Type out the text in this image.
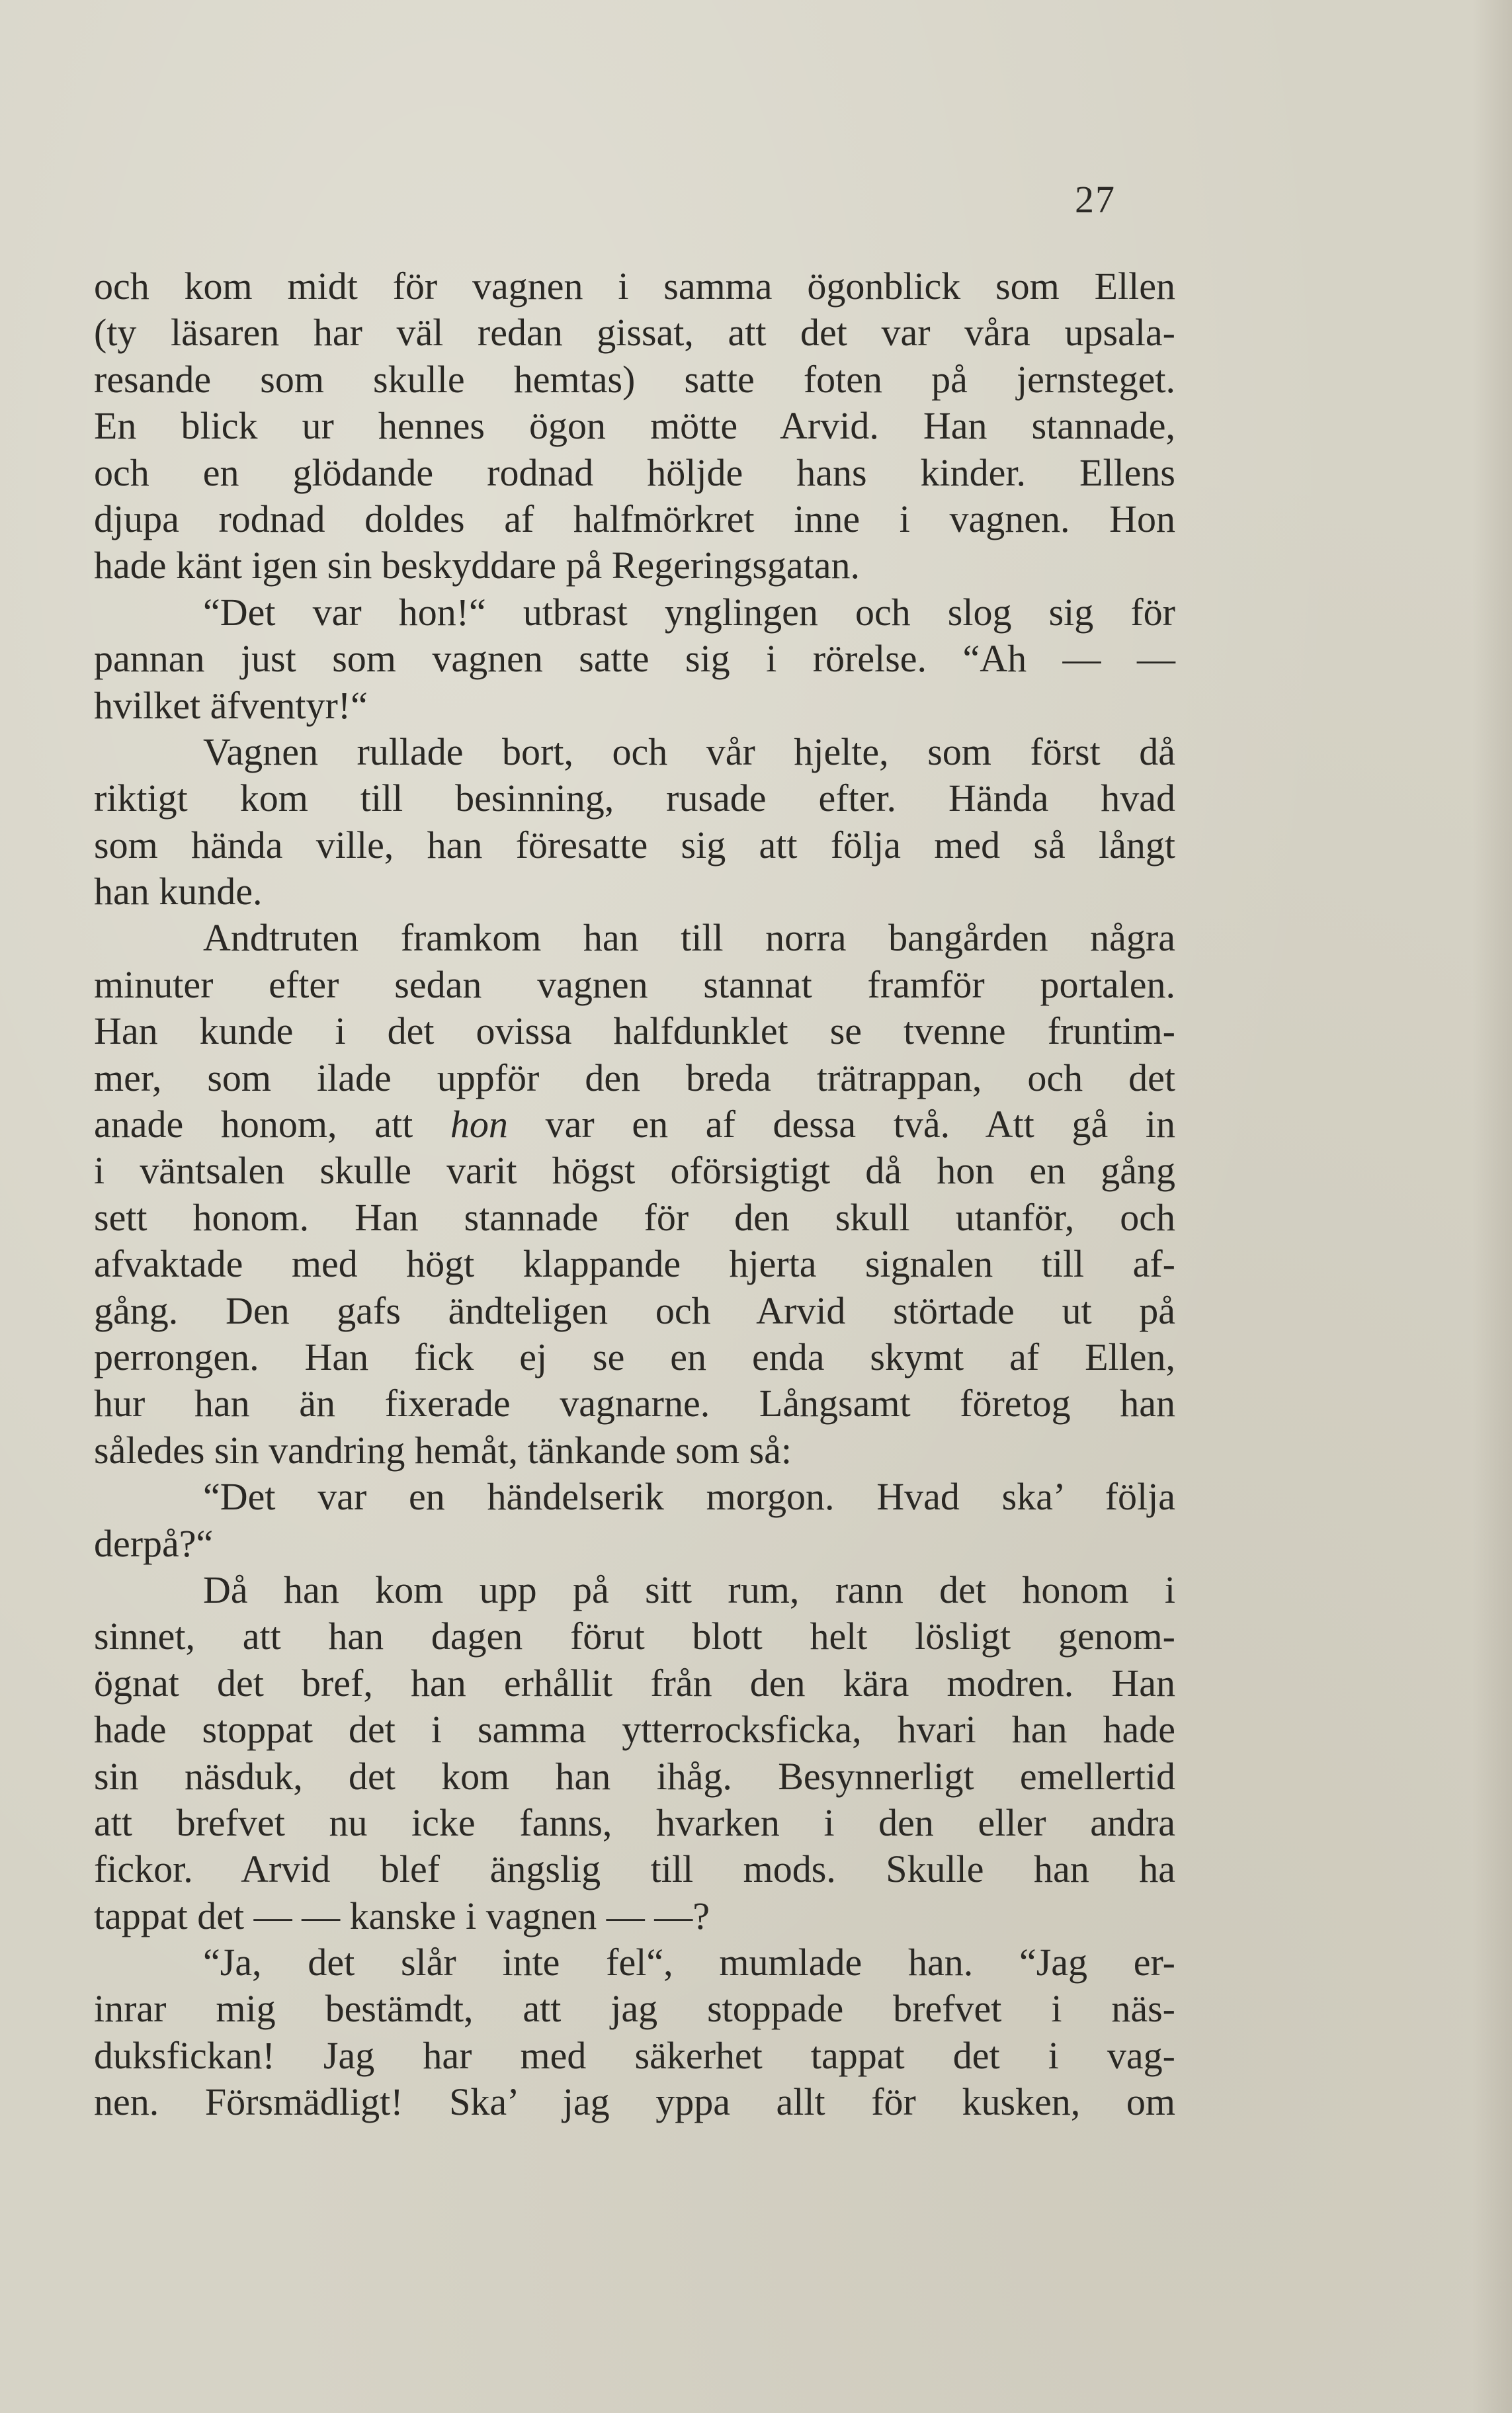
27
och kom midt för vagnen i samma ögonblick som Ellen
(ty läsaren har väl redan gissat, att det var våra upsala-
resande som skulle hemtas) satte foten på jernsteget.
En blick ur hennes ögon mötte Arvid. Han stannade,
och en glödande rodnad höljde hans kinder. Ellens
djupa rodnad doldes af halfmörkret inne i vagnen. Hon
hade känt igen sin beskyddare på Regeringsgatan.
“Det var hon!“ utbrast ynglingen och slog sig för
pannan just som vagnen satte sig i rörelse. “Ah — —
hvilket äfventyr!“
Vagnen rullade bort, och vår hjelte, som först då
riktigt kom till besinning, rusade efter. Hända hvad
som hända ville, han föresatte sig att följa med så långt
han kunde.
Andtruten framkom han till norra bangården några
minuter efter sedan vagnen stannat framför portalen.
Han kunde i det ovissa halfdunklet se tvenne fruntim-
mer, som ilade uppför den breda trätrappan, och det
anade honom, att hon var en af dessa två. Att gå in
i väntsalen skulle varit högst oförsigtigt då hon en gång
sett honom. Han stannade för den skull utanför, och
afvaktade med högt klappande hjerta signalen till af-
gång. Den gafs ändteligen och Arvid störtade ut på
perrongen. Han fick ej se en enda skymt af Ellen,
hur han än fixerade vagnarne. Långsamt företog han
således sin vandring hemåt, tänkande som så:
“Det var en händelserik morgon. Hvad ska’ följa
derpå?“
Då han kom upp på sitt rum, rann det honom i
sinnet, att han dagen förut blott helt lösligt genom-
ögnat det bref, han erhållit från den kära modren. Han
hade stoppat det i samma ytterrocksficka, hvari han hade
sin näsduk, det kom han ihåg. Besynnerligt emellertid
att brefvet nu icke fanns, hvarken i den eller andra
fickor. Arvid blef ängslig till mods. Skulle han ha
tappat det — — kanske i vagnen — —?
“Ja, det slår inte fel“, mumlade han. “Jag er-
inrar mig bestämdt, att jag stoppade brefvet i näs-
duksfickan! Jag har med säkerhet tappat det i vag-
nen. Försmädligt! Ska’ jag yppa allt för kusken, om
